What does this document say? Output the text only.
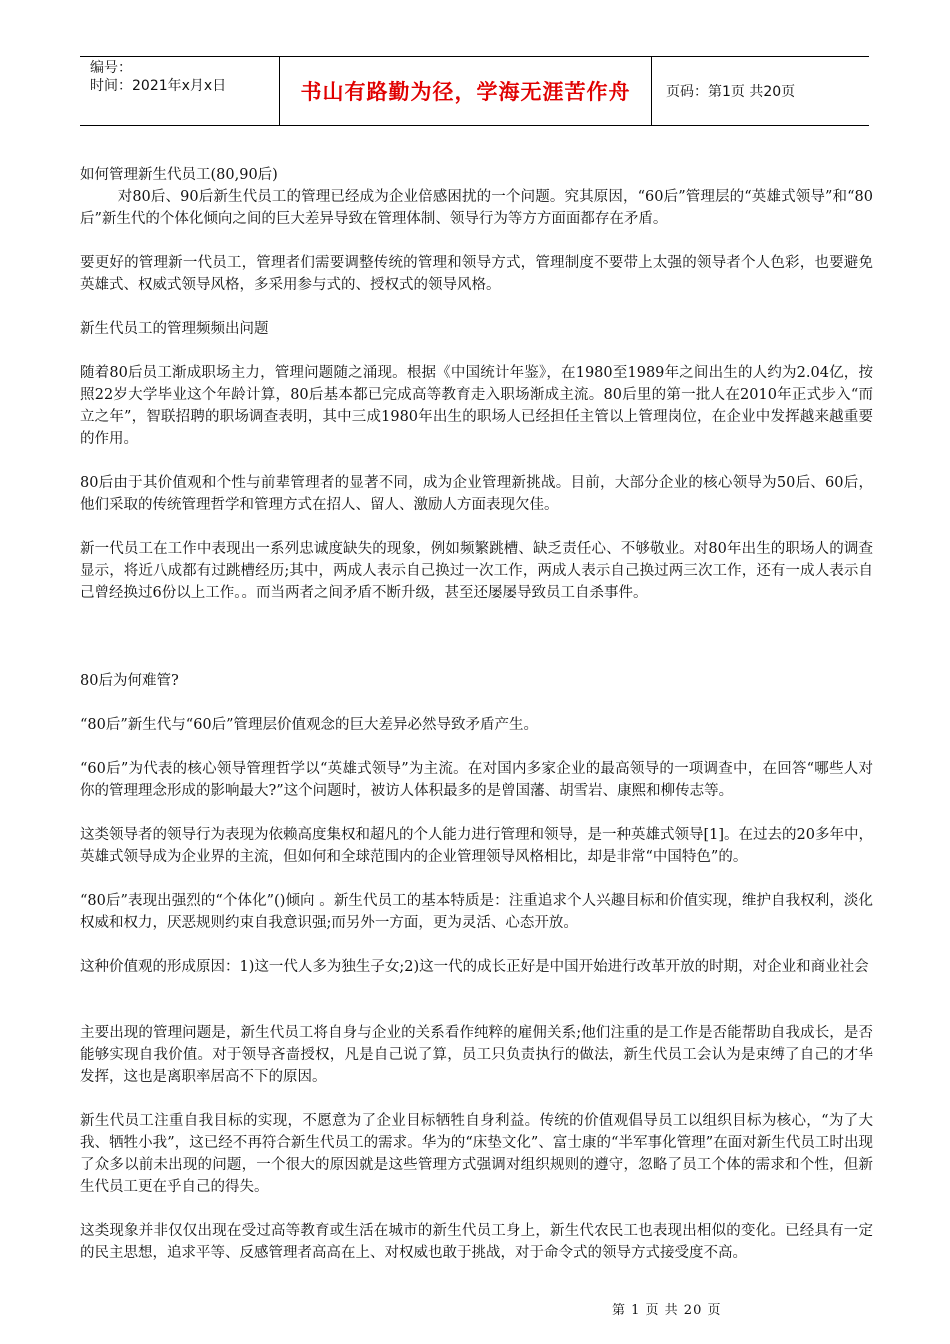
编号：
时间：2021年x月x日	书山有路勤为径，学海无涯苦作舟	页码：第1页 共20页

如何管理新生代员工(80,90后)

对80后、90后新生代员工的管理已经成为企业倍感困扰的一个问题。究其原因，“60后”管理层的“英雄式领导”和“80后”新生代的个体化倾向之间的巨大差异导致在管理体制、领导行为等方方面面都存在矛盾。

要更好的管理新一代员工，管理者们需要调整传统的管理和领导方式，管理制度不要带上太强的领导者个人色彩，也要避免英雄式、权威式领导风格，多采用参与式的、授权式的领导风格。

新生代员工的管理频频出问题

随着80后员工渐成职场主力，管理问题随之涌现。根据《中国统计年鉴》，在1980至1989年之间出生的人约为2.04亿，按照22岁大学毕业这个年龄计算，80后基本都已完成高等教育走入职场渐成主流。80后里的第一批人在2010年正式步入“而立之年”，智联招聘的职场调查表明，其中三成1980年出生的职场人已经担任主管以上管理岗位，在企业中发挥越来越重要的作用。

80后由于其价值观和个性与前辈管理者的显著不同，成为企业管理新挑战。目前，大部分企业的核心领导为50后、60后，他们采取的传统管理哲学和管理方式在招人、留人、激励人方面表现欠佳。

新一代员工在工作中表现出一系列忠诚度缺失的现象，例如频繁跳槽、缺乏责任心、不够敬业。对80年出生的职场人的调查显示，将近八成都有过跳槽经历;其中，两成人表示自己换过一次工作，两成人表示自己换过两三次工作，还有一成人表示自己曾经换过6份以上工作。。而当两者之间矛盾不断升级，甚至还屡屡导致员工自杀事件。

80后为何难管?

“80后”新生代与“60后”管理层价值观念的巨大差异必然导致矛盾产生。

“60后”为代表的核心领导管理哲学以“英雄式领导”为主流。在对国内多家企业的最高领导的一项调查中，在回答“哪些人对你的管理理念形成的影响最大?”这个问题时，被访人体积最多的是曾国藩、胡雪岩、康熙和柳传志等。

这类领导者的领导行为表现为依赖高度集权和超凡的个人能力进行管理和领导，是一种英雄式领导[1]。在过去的20多年中，英雄式领导成为企业界的主流，但如何和全球范围内的企业管理领导风格相比，却是非常“中国特色”的。

“80后”表现出强烈的“个体化”()倾向 。新生代员工的基本特质是：注重追求个人兴趣目标和价值实现，维护自我权利，淡化权威和权力，厌恶规则约束自我意识强;而另外一方面，更为灵活、心态开放。

这种价值观的形成原因：1)这一代人多为独生子女;2)这一代的成长正好是中国开始进行改革开放的时期，对企业和商业社会

主要出现的管理问题是，新生代员工将自身与企业的关系看作纯粹的雇佣关系;他们注重的是工作是否能帮助自我成长，是否能够实现自我价值。对于领导吝啬授权，凡是自己说了算，员工只负责执行的做法，新生代员工会认为是束缚了自己的才华发挥，这也是离职率居高不下的原因。

新生代员工注重自我目标的实现，不愿意为了企业目标牺牲自身利益。传统的价值观倡导员工以组织目标为核心，“为了大我、牺牲小我”，这已经不再符合新生代员工的需求。华为的“床垫文化”、富士康的“半军事化管理”在面对新生代员工时出现了众多以前未出现的问题，一个很大的原因就是这些管理方式强调对组织规则的遵守，忽略了员工个体的需求和个性，但新生代员工更在乎自己的得失。

这类现象并非仅仅出现在受过高等教育或生活在城市的新生代员工身上，新生代农民工也表现出相似的变化。已经具有一定的民主思想，追求平等、反感管理者高高在上、对权威也敢于挑战，对于命令式的领导方式接受度不高。

第 1 页 共 20 页
